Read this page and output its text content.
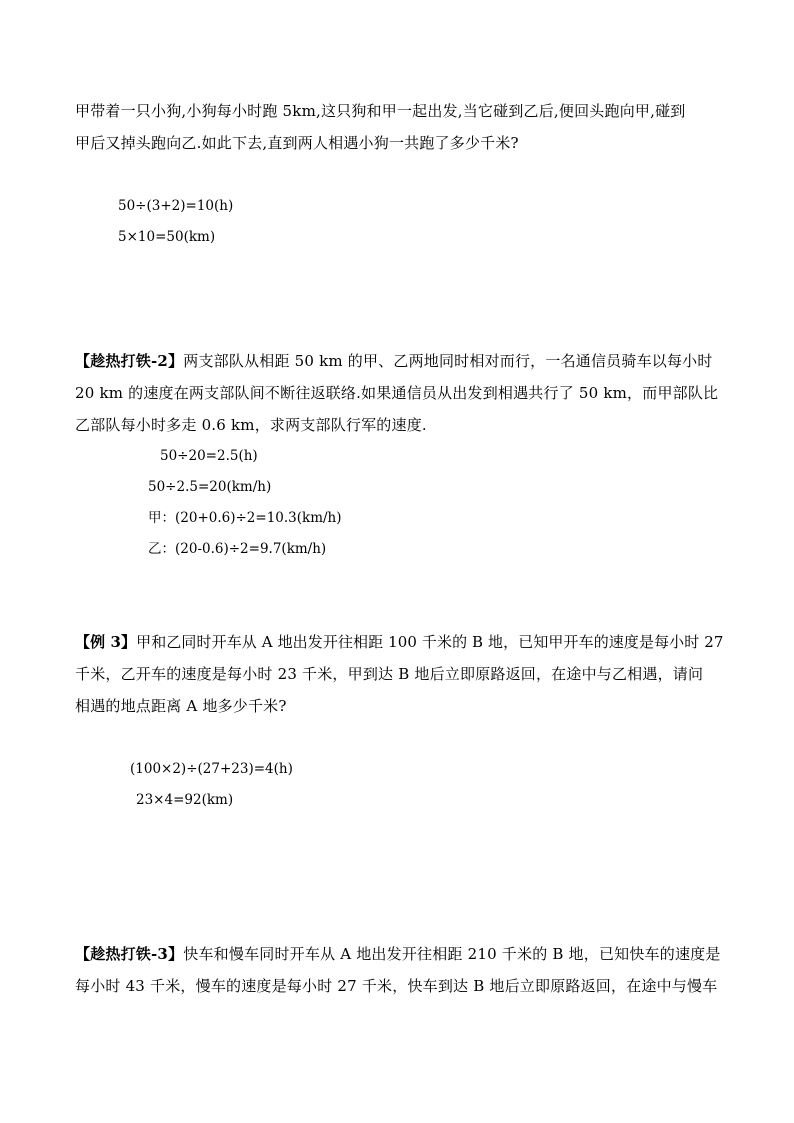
甲带着一只小狗,小狗每小时跑 5km,这只狗和甲一起出发,当它碰到乙后,便回头跑向甲,碰到
甲后又掉头跑向乙.如此下去,直到两人相遇小狗一共跑了多少千米?
50÷(3+2)=10(h)
5×10=50(km)
【趁热打铁-2】两支部队从相距 50 km 的甲、乙两地同时相对而行，一名通信员骑车以每小时
20 km 的速度在两支部队间不断往返联络.如果通信员从出发到相遇共行了 50 km，而甲部队比
乙部队每小时多走 0.6 km，求两支部队行军的速度.
50÷20=2.5(h)
50÷2.5=20(km/h)
甲：(20+0.6)÷2=10.3(km/h)
乙：(20-0.6)÷2=9.7(km/h)
【例 3】甲和乙同时开车从 A 地出发开往相距 100 千米的 B 地，已知甲开车的速度是每小时 27
千米，乙开车的速度是每小时 23 千米，甲到达 B 地后立即原路返回，在途中与乙相遇，请问
相遇的地点距离 A 地多少千米?
(100×2)÷(27+23)=4(h)
23×4=92(km)
【趁热打铁-3】快车和慢车同时开车从 A 地出发开往相距 210 千米的 B 地，已知快车的速度是
每小时 43 千米，慢车的速度是每小时 27 千米，快车到达 B 地后立即原路返回，在途中与慢车
